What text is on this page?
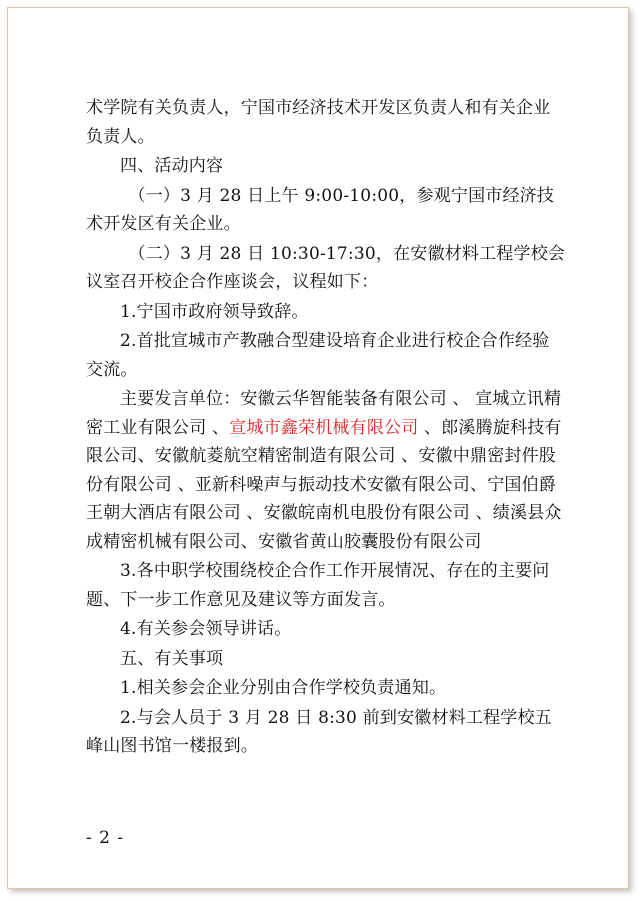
术学院有关负责人，宁国市经济技术开发区负责人和有关企业负责人。

四、活动内容

（一）3 月 28 日上午 9:00-10:00，参观宁国市经济技术开发区有关企业。

（二）3 月 28 日 10:30-17:30，在安徽材料工程学校会议室召开校企合作座谈会，议程如下：

1.宁国市政府领导致辞。

2.首批宣城市产教融合型建设培育企业进行校企合作经验交流。

主要发言单位：安徽云华智能装备有限公司 、 宣城立讯精密工业有限公司 、宣城市鑫荣机械有限公司 、郎溪腾旋科技有限公司、安徽航菱航空精密制造有限公司 、安徽中鼎密封件股份有限公司 、亚新科噪声与振动技术安徽有限公司、宁国伯爵王朝大酒店有限公司 、安徽皖南机电股份有限公司 、绩溪县众成精密机械有限公司、安徽省黄山胶囊股份有限公司

3.各中职学校围绕校企合作工作开展情况、存在的主要问题、下一步工作意见及建议等方面发言。

4.有关参会领导讲话。

五、有关事项

1.相关参会企业分别由合作学校负责通知。

2.与会人员于 3 月 28 日 8:30 前到安徽材料工程学校五峰山图书馆一楼报到。

- 2 -
